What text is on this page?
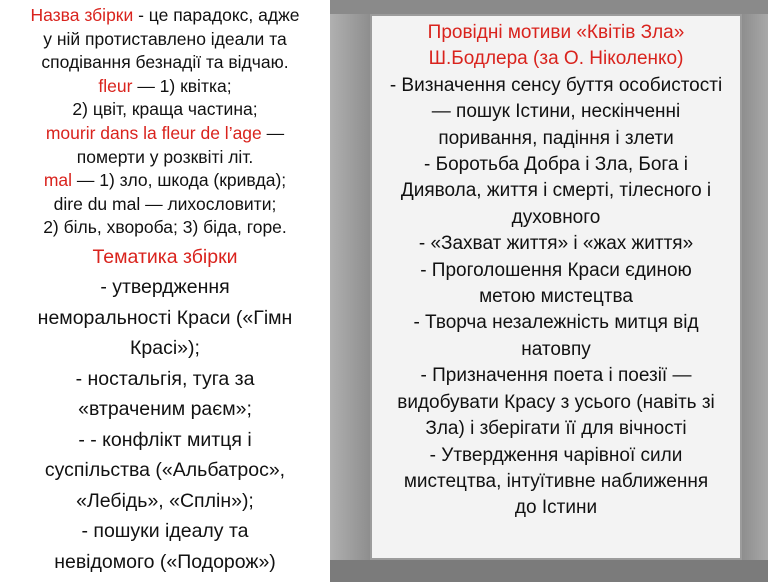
Назва збірки - це парадокс, адже
у ній протиставлено ідеали та
сподівання безнадії та відчаю.
fleur — 1) квітка;
2) цвіт, краща частина;
mourir dans la fleur de l’age —
померти у розквіті літ.
mal — 1) зло, шкода (кривда);
dire du mal — лихословити;
2) біль, хвороба; 3) біда, горе.
Тематика збірки
- утвердження
неморальності Краси («Гімн
Красі»);
- ностальгія, туга за
«втраченим раєм»;
- - конфлікт митця і
суспільства («Альбатрос»,
«Лебідь», «Сплін»);
- пошуки ідеалу та
невідомого («Подорож»)
Провідні мотиви «Квітів Зла»
Ш.Бодлера (за О. Ніколенко)
- Визначення сенсу буття особистості
— пошук Істини, нескінченні
поривання, падіння і злети
- Боротьба Добра і Зла, Бога і
Диявола, життя і смерті, тілесного і
духовного
- «Захват життя» і «жах життя»
- Проголошення Краси єдиною
метою мистецтва
- Творча незалежність митця від
натовпу
- Призначення поета і поезії —
видобувати Красу з усього (навіть зі
Зла) і зберігати її для вічності
- Утвердження чарівної сили
мистецтва, інтуїтивне наближення
до Істини
